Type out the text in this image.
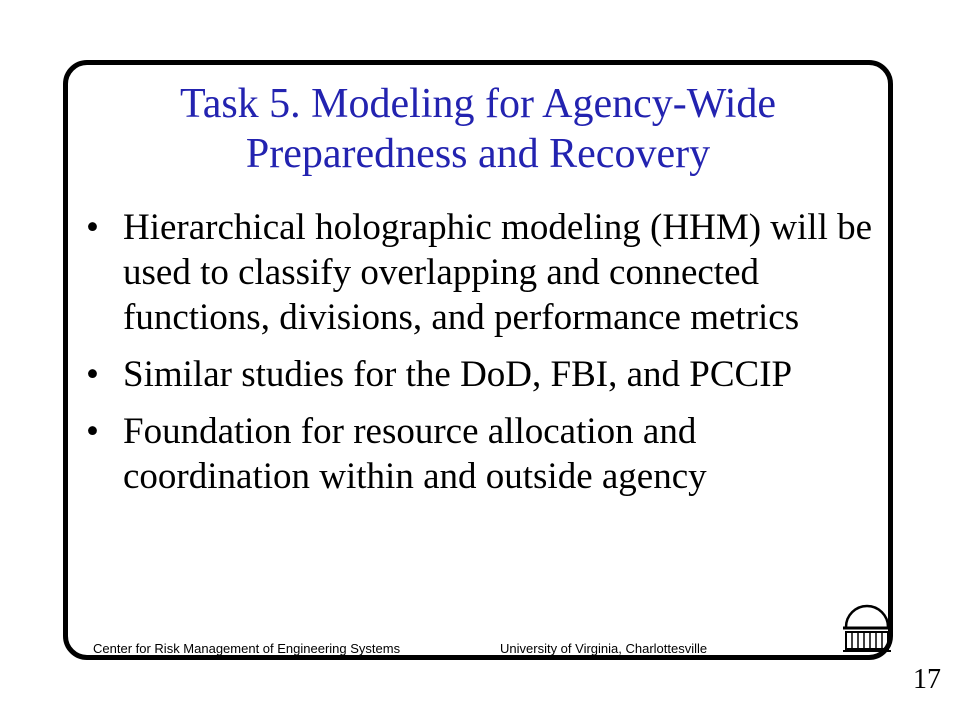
Task 5. Modeling for Agency-Wide Preparedness and Recovery
• Hierarchical holographic modeling (HHM) will be used to classify overlapping and connected functions, divisions, and performance metrics
• Similar studies for the DoD, FBI, and PCCIP
• Foundation for resource allocation and coordination within and outside agency
Center for Risk Management of Engineering Systems	University of Virginia, Charlottesville
17
